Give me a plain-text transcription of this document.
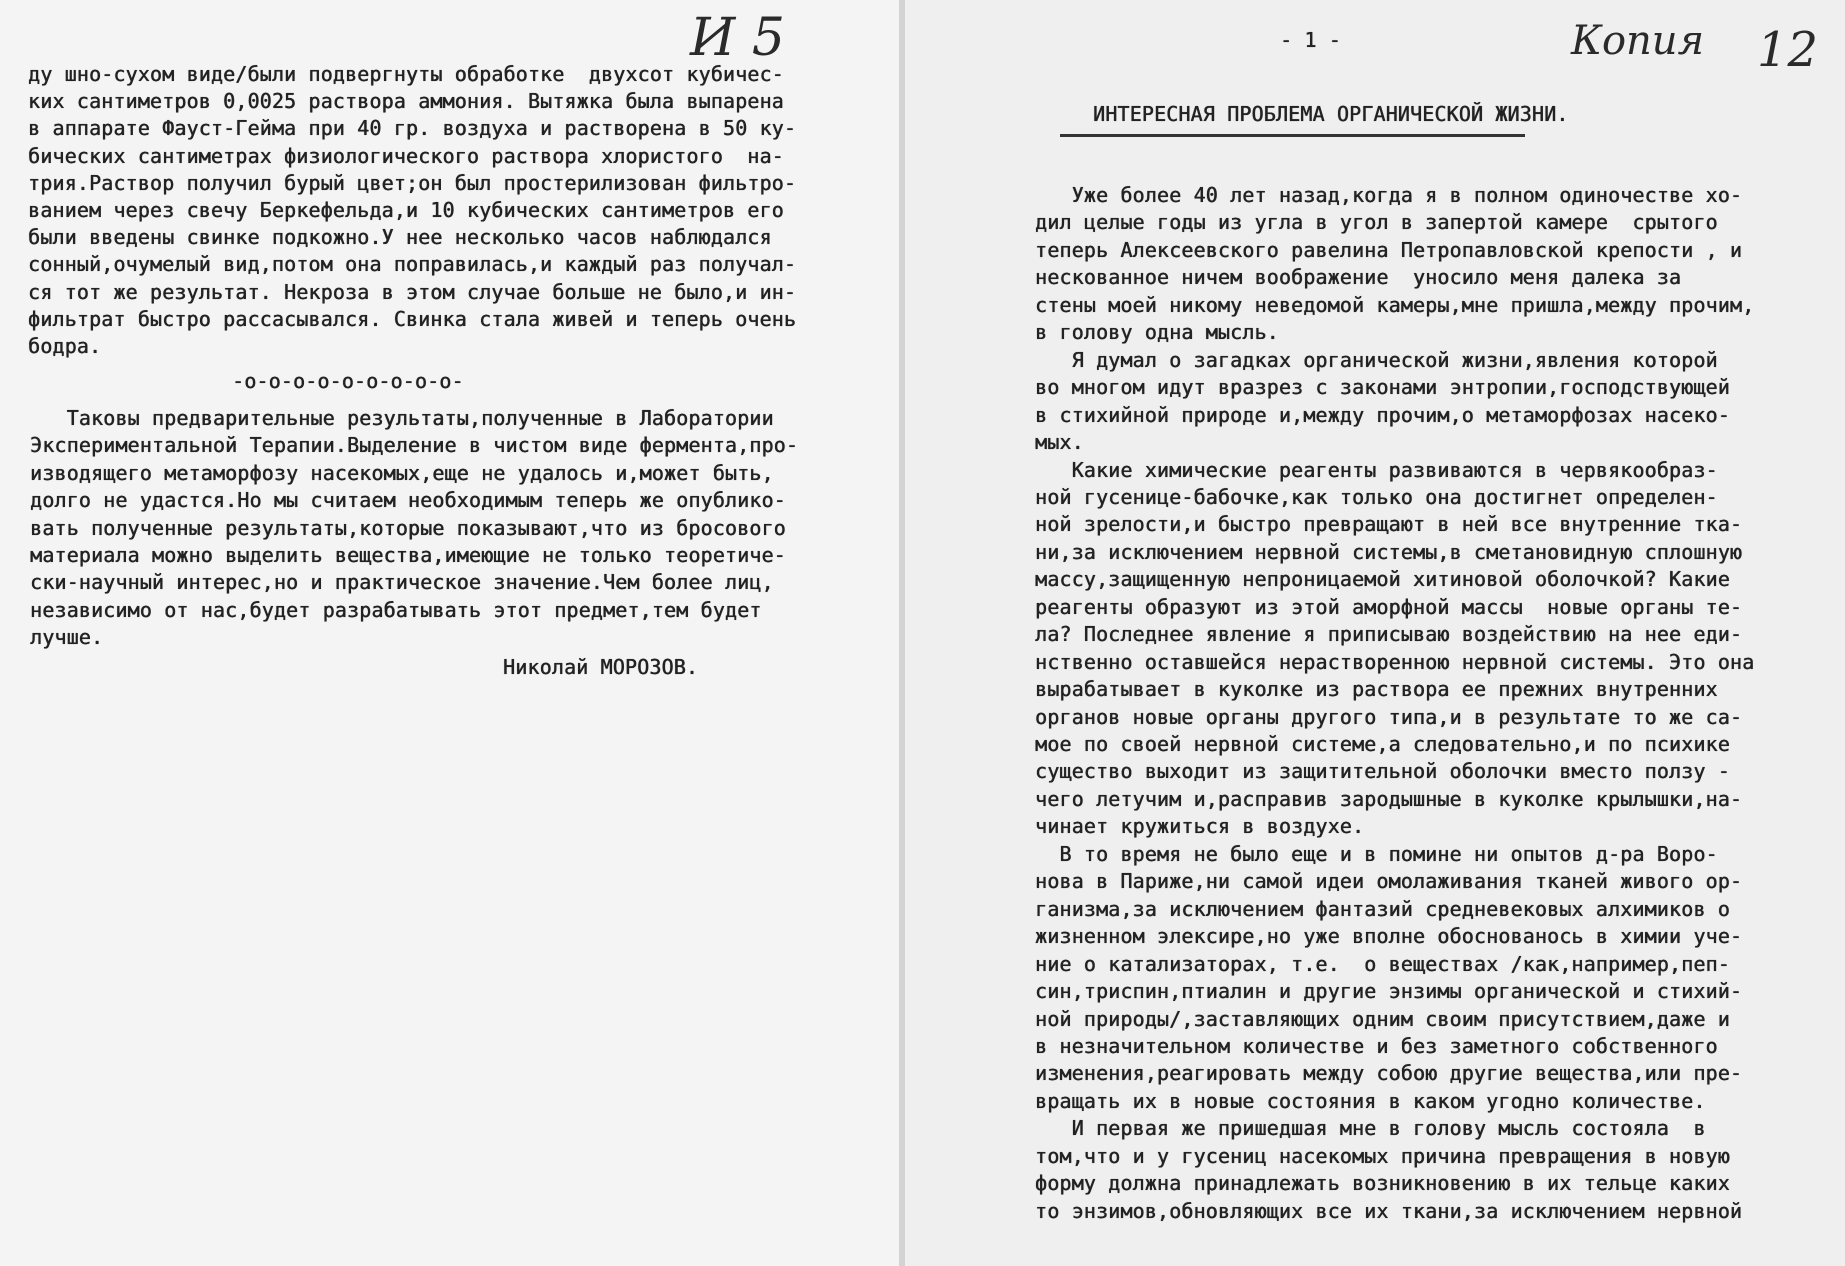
И 5
ду шно-сухом виде/были подвергнуты обработке  двухсот кубичес-
ких сантиметров 0,0025 раствора аммония. Вытяжка была выпарена
в аппарате Фауст-Гейма при 40 гр. воздуха и растворена в 50 ку-
бических сантиметрах физиологического раствора хлористого  на-
трия.Раствор получил бурый цвет;он был простерилизован фильтро-
ванием через свечу Беркефельда,и 10 кубических сантиметров его
были введены свинке подкожно.У нее несколько часов наблюдался
сонный,очумелый вид,потом она поправилась,и каждый раз получал-
ся тот же результат. Некроза в этом случае больше не было,и ин-
фильтрат быстро рассасывался. Свинка стала живей и теперь очень
бодра.
-о-о-о-о-о-о-о-о-о-
Таковы предварительные результаты,полученные в Лаборатории
Экспериментальной Терапии.Выделение в чистом виде фермента,про-
изводящего метаморфозу насекомых,еще не удалось и,может быть,
долго не удастся.Но мы считаем необходимым теперь же опублико-
вать полученные результаты,которые показывают,что из бросового
материала можно выделить вещества,имеющие не только теоретиче-
ски-научный интерес,но и практическое значение.Чем более лиц,
независимо от нас,будет разрабатывать этот предмет,тем будет
лучше.
Николай МОРОЗОВ.
- 1 -	Копия 12
ИНТЕРЕСНАЯ ПРОБЛЕМА ОРГАНИЧЕСКОЙ ЖИЗНИ.
Уже более 40 лет назад,когда я в полном одиночестве хо-
дил целые годы из угла в угол в запертой камере  срытого
теперь Алексеевского равелина Петропавловской крепости , и
нескованное ничем воображение  уносило меня далека за
стены моей никому неведомой камеры,мне пришла,между прочим,
в голову одна мысль.
Я думал о загадках органической жизни,явления которой
во многом идут вразрез с законами энтропии,господствующей
в стихийной природе и,между прочим,о метаморфозах насеко-
мых.
Какие химические реагенты развиваются в червякообраз-
ной гусенице-бабочке,как только она достигнет определен-
ной зрелости,и быстро превращают в ней все внутренние тка-
ни,за исключением нервной системы,в сметановидную сплошную
массу,защищенную непроницаемой хитиновой оболочкой? Какие
реагенты образуют из этой аморфной массы  новые органы те-
ла? Последнее явление я приписываю воздействию на нее еди-
нственно оставшейся нерастворенною нервной системы. Это она
вырабатывает в куколке из раствора ее прежних внутренних
органов новые органы другого типа,и в результате то же са-
мое по своей нервной системе,а следовательно,и по психике
существо выходит из защитительной оболочки вместо ползу -
чего летучим и,расправив зародышные в куколке крылышки,на-
чинает кружиться в воздухе.
В то время не было еще и в помине ни опытов д-ра Воро-
нова в Париже,ни самой идеи омолаживания тканей живого ор-
ганизма,за исключением фантазий средневековых алхимиков о
жизненном элексире,но уже вполне обоснованось в химии уче-
ние о катализаторах, т.е.  о веществах /как,например,пеп-
син,триспин,птиалин и другие энзимы органической и стихий-
ной природы/,заставляющих одним своим присутствием,даже и
в незначительном количестве и без заметного собственного
изменения,реагировать между собою другие вещества,или пре-
вращать их в новые состояния в каком угодно количестве.
И первая же пришедшая мне в голову мысль состояла  в
том,что и у гусениц насекомых причина превращения в новую
форму должна принадлежать возникновению в их тельце каких
то энзимов,обновляющих все их ткани,за исключением нервной
